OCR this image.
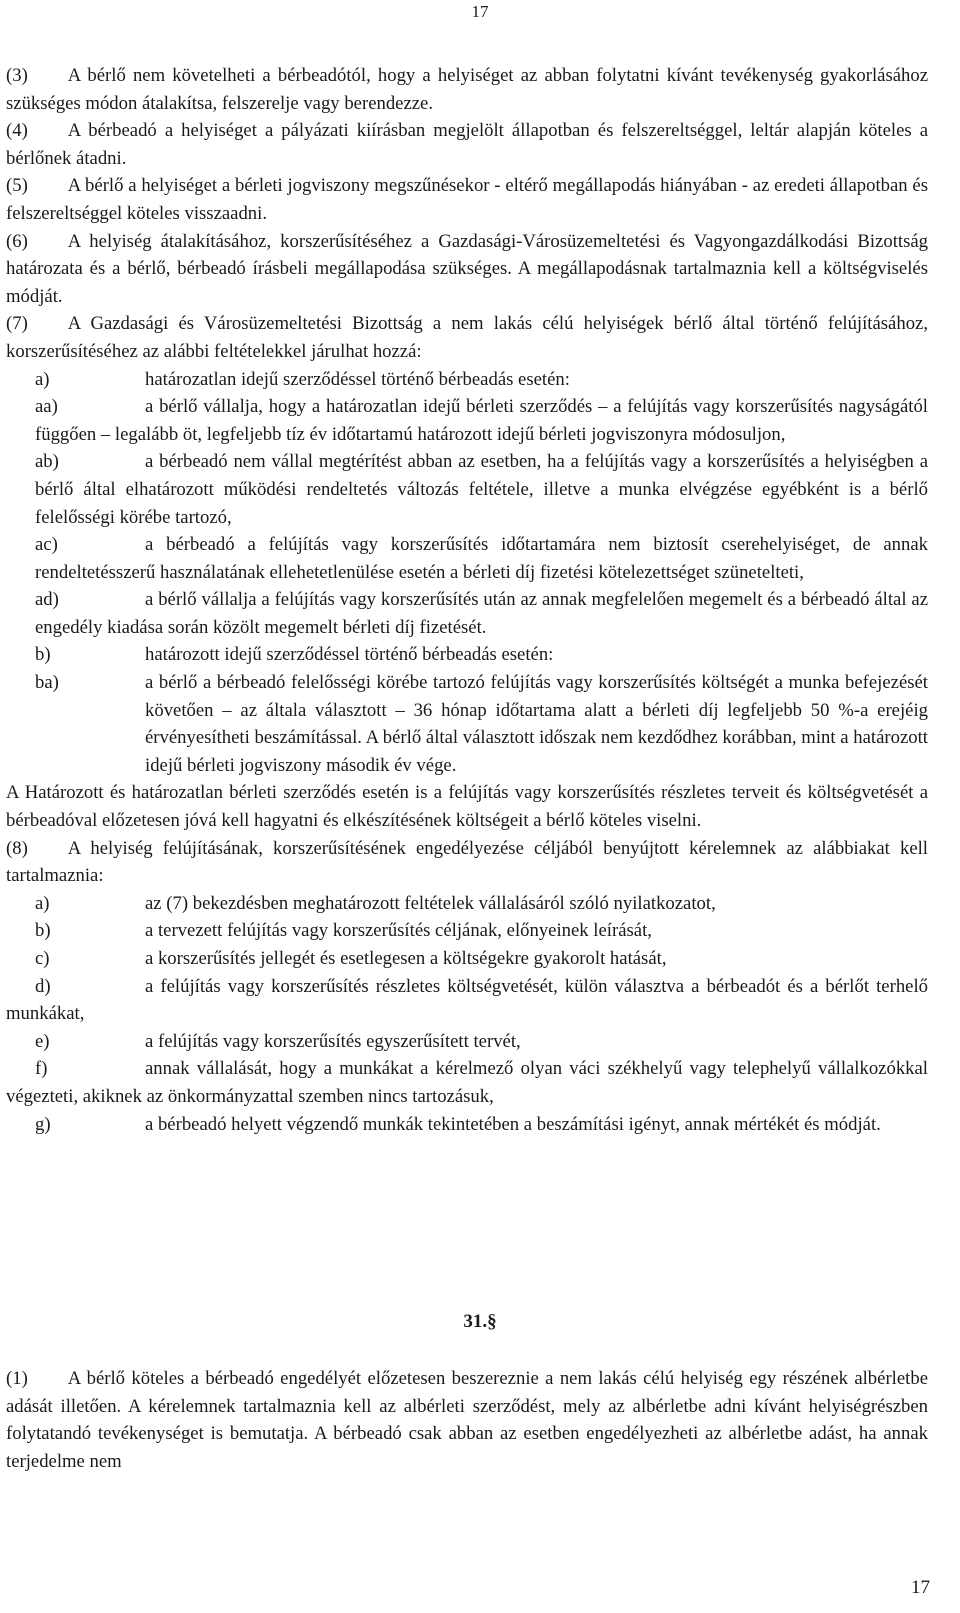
17

(3) A bérlő nem követelheti a bérbeadótól, hogy a helyiséget az abban folytatni kívánt tevékenység gyakorlásához szükséges módon átalakítsa, felszerelje vagy berendezze.

(4) A bérbeadó a helyiséget a pályázati kiírásban megjelölt állapotban és felszereltséggel, leltár alapján köteles a bérlőnek átadni.

(5) A bérlő a helyiséget a bérleti jogviszony megszűnésekor - eltérő megállapodás hiányában - az eredeti állapotban és felszereltséggel köteles visszaadni.

(6) A helyiség átalakításához, korszerűsítéséhez a Gazdasági-Városüzemeltetési és Vagyongazdálkodási Bizottság határozata és a bérlő, bérbeadó írásbeli megállapodása szükséges. A megállapodásnak tartalmaznia kell a költségviselés módját.

(7) A Gazdasági és Városüzemeltetési Bizottság a nem lakás célú helyiségek bérlő által történő felújításához, korszerűsítéséhez az alábbi feltételekkel járulhat hozzá:

a)	határozatlan idejű szerződéssel történő bérbeadás esetén:

aa)	a bérlő vállalja, hogy a határozatlan idejű bérleti szerződés – a felújítás vagy korszerűsítés nagyságától függően – legalább öt, legfeljebb tíz év időtartamú határozott idejű bérleti jogviszonyra módosuljon,

ab)	a bérbeadó nem vállal megtérítést abban az esetben, ha a felújítás vagy a korszerűsítés a helyiségben a bérlő által elhatározott működési rendeltetés változás feltétele, illetve a munka elvégzése egyébként is a bérlő felelősségi körébe tartozó,

ac)	a bérbeadó a felújítás vagy korszerűsítés időtartamára nem biztosít cserehelyiséget, de annak rendeltetésszerű használatának ellehetetlenülése esetén a bérleti díj fizetési kötelezettséget szünetelteti,

ad)	a bérlő vállalja a felújítás vagy korszerűsítés után az annak megfelelően megemelt és a bérbeadó által az engedély kiadása során közölt megemelt bérleti díj fizetését.

b)	határozott idejű szerződéssel történő bérbeadás esetén:
ba)	a bérlő a bérbeadó felelősségi körébe tartozó felújítás vagy korszerűsítés költségét a munka befejezését követően – az általa választott – 36 hónap időtartama alatt a bérleti díj legfeljebb 50 %-a erejéig érvényesítheti beszámítással. A bérlő által választott időszak nem kezdődhez korábban, mint a határozott idejű bérleti jogviszony második év vége.

A Határozott és határozatlan bérleti szerződés esetén is a felújítás vagy korszerűsítés részletes terveit és költségvetését a bérbeadóval előzetesen jóvá kell hagyatni és elkészítésének költségeit a bérlő köteles viselni.

(8) A helyiség felújításának, korszerűsítésének engedélyezése céljából benyújtott kérelemnek az alábbiakat kell tartalmaznia:

a)	az (7) bekezdésben meghatározott feltételek vállalásáról szóló nyilatkozatot,

b)	a tervezett felújítás vagy korszerűsítés céljának, előnyeinek leírását,

c)	a korszerűsítés jellegét és esetlegesen a költségekre gyakorolt hatását,

d)	a felújítás vagy korszerűsítés részletes költségvetését, külön választva a bérbeadót és a bérlőt terhelő munkákat,

e)	a felújítás vagy korszerűsítés egyszerűsített tervét,

f)	annak vállalását, hogy a munkákat a kérelmező olyan váci székhelyű vagy telephelyű vállalkozókkal végezteti, akiknek az önkormányzattal szemben nincs tartozásuk,

g)	a bérbeadó helyett végzendő munkák tekintetében a beszámítási igényt, annak mértékét és módját.

31.§

(1) A bérlő köteles a bérbeadó engedélyét előzetesen beszereznie a nem lakás célú helyiség egy részének albérletbe adását illetően. A kérelemnek tartalmaznia kell az albérleti szerződést, mely az albérletbe adni kívánt helyiségrészben folytatandó tevékenységet is bemutatja. A bérbeadó csak abban az esetben engedélyezheti az albérletbe adást, ha annak terjedelme nem

17
